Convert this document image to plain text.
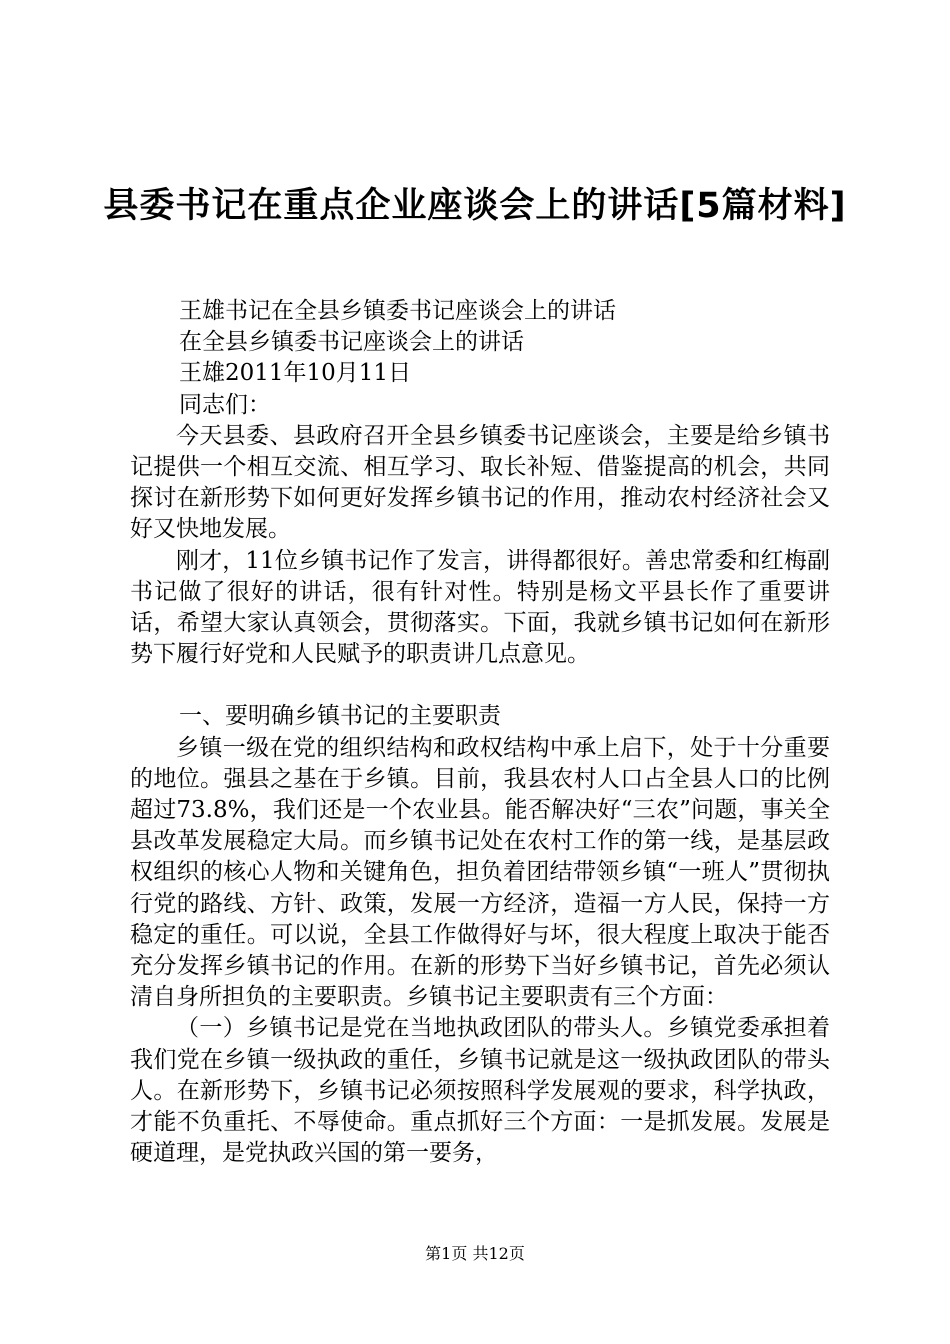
县委书记在重点企业座谈会上的讲话[5篇材料]

王雄书记在全县乡镇委书记座谈会上的讲话

在全县乡镇委书记座谈会上的讲话

王雄2011年10月11日

同志们：

今天县委、县政府召开全县乡镇委书记座谈会，主要是给乡镇书记提供一个相互交流、相互学习、取长补短、借鉴提高的机会，共同探讨在新形势下如何更好发挥乡镇书记的作用，推动农村经济社会又好又快地发展。

刚才，11位乡镇书记作了发言，讲得都很好。善忠常委和红梅副书记做了很好的讲话，很有针对性。特别是杨文平县长作了重要讲话，希望大家认真领会，贯彻落实。下面，我就乡镇书记如何在新形势下履行好党和人民赋予的职责讲几点意见。

一、要明确乡镇书记的主要职责

乡镇一级在党的组织结构和政权结构中承上启下，处于十分重要的地位。强县之基在于乡镇。目前，我县农村人口占全县人口的比例超过73.8%，我们还是一个农业县。能否解决好“三农”问题，事关全县改革发展稳定大局。而乡镇书记处在农村工作的第一线，是基层政权组织的核心人物和关键角色，担负着团结带领乡镇“一班人”贯彻执行党的路线、方针、政策，发展一方经济，造福一方人民，保持一方稳定的重任。可以说，全县工作做得好与坏，很大程度上取决于能否充分发挥乡镇书记的作用。在新的形势下当好乡镇书记，首先必须认清自身所担负的主要职责。乡镇书记主要职责有三个方面：

（一）乡镇书记是党在当地执政团队的带头人。乡镇党委承担着我们党在乡镇一级执政的重任，乡镇书记就是这一级执政团队的带头人。在新形势下，乡镇书记必须按照科学发展观的要求，科学执政，才能不负重托、不辱使命。重点抓好三个方面：一是抓发展。发展是硬道理，是党执政兴国的第一要务，

第1页 共12页
